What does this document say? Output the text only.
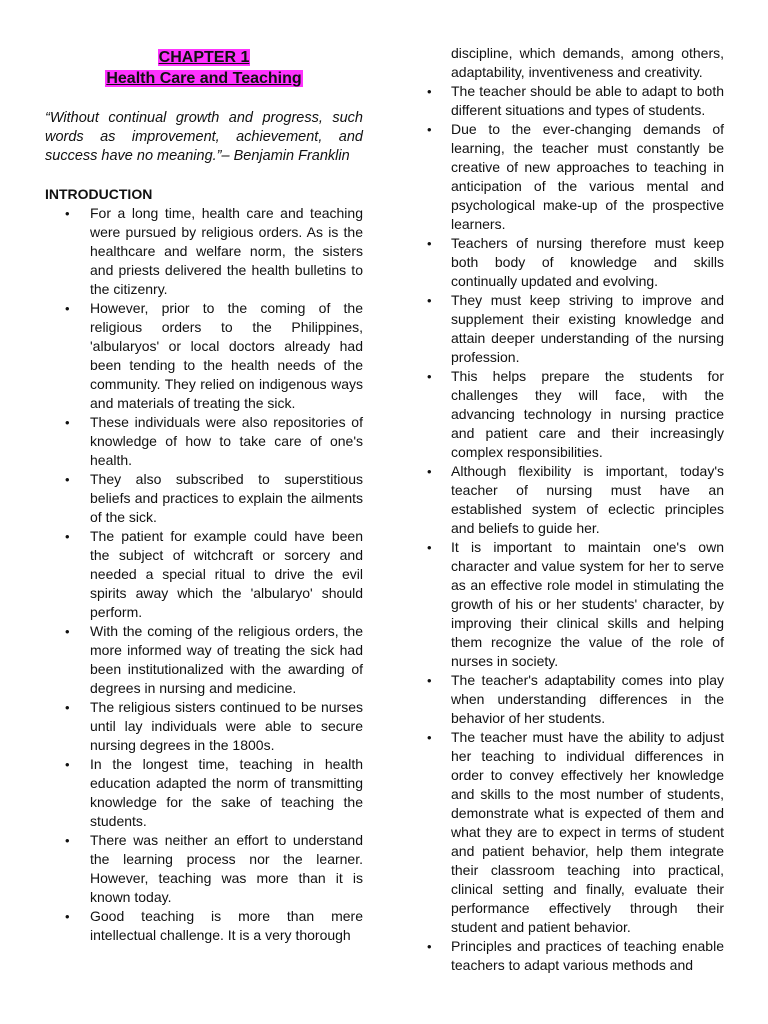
CHAPTER 1
Health Care and Teaching
“Without continual growth and progress, such words as improvement, achievement, and success have no meaning.”– Benjamin Franklin
INTRODUCTION
• For a long time, health care and teaching were pursued by religious orders. As is the healthcare and welfare norm, the sisters and priests delivered the health bulletins to the citizenry.
• However, prior to the coming of the religious orders to the Philippines, 'albularyos' or local doctors already had been tending to the health needs of the community. They relied on indigenous ways and materials of treating the sick.
• These individuals were also repositories of knowledge of how to take care of one's health.
• They also subscribed to superstitious beliefs and practices to explain the ailments of the sick.
• The patient for example could have been the subject of witchcraft or sorcery and needed a special ritual to drive the evil spirits away which the 'albularyo' should perform.
• With the coming of the religious orders, the more informed way of treating the sick had been institutionalized with the awarding of degrees in nursing and medicine.
• The religious sisters continued to be nurses until lay individuals were able to secure nursing degrees in the 1800s.
• In the longest time, teaching in health education adapted the norm of transmitting knowledge for the sake of teaching the students.
• There was neither an effort to understand the learning process nor the learner. However, teaching was more than it is known today.
• Good teaching is more than mere intellectual challenge. It is a very thorough
discipline, which demands, among others, adaptability, inventiveness and creativity.
• The teacher should be able to adapt to both different situations and types of students.
• Due to the ever-changing demands of learning, the teacher must constantly be creative of new approaches to teaching in anticipation of the various mental and psychological make-up of the prospective learners.
• Teachers of nursing therefore must keep both body of knowledge and skills continually updated and evolving.
• They must keep striving to improve and supplement their existing knowledge and attain deeper understanding of the nursing profession.
• This helps prepare the students for challenges they will face, with the advancing technology in nursing practice and patient care and their increasingly complex responsibilities.
• Although flexibility is important, today's teacher of nursing must have an established system of eclectic principles and beliefs to guide her.
• It is important to maintain one's own character and value system for her to serve as an effective role model in stimulating the growth of his or her students' character, by improving their clinical skills and helping them recognize the value of the role of nurses in society.
• The teacher's adaptability comes into play when understanding differences in the behavior of her students.
• The teacher must have the ability to adjust her teaching to individual differences in order to convey effectively her knowledge and skills to the most number of students, demonstrate what is expected of them and what they are to expect in terms of student and patient behavior, help them integrate their classroom teaching into practical, clinical setting and finally, evaluate their performance effectively through their student and patient behavior.
• Principles and practices of teaching enable teachers to adapt various methods and
